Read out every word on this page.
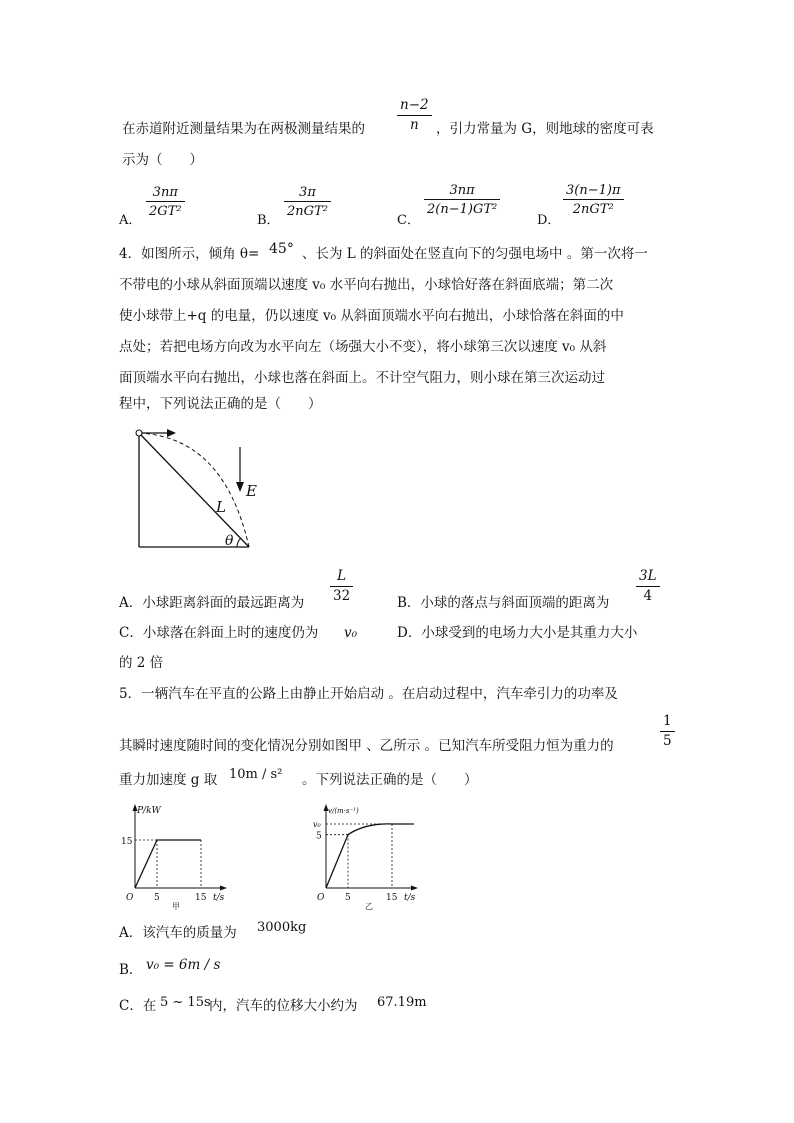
n−2
n
在赤道附近测量结果为在两极测量结果的	，引力常量为 G，则地球的密度可表
示为（　　）
A．
3nπ
2GT²
B．
3π
2nGT²
C．
3nπ
2(n−1)GT²
D．
3(n−1)π
2nGT²
4．如图所示，倾角 θ= 45° 、长为 L 的斜面处在竖直向下的匀强电场中 。第一次将一
不带电的小球从斜面顶端以速度 v₀ 水平向右抛出，小球恰好落在斜面底端；第二次
使小球带上+q 的电量，仍以速度 v₀ 从斜面顶端水平向右抛出，小球恰落在斜面的中
点处；若把电场方向改为水平向左（场强大小不变），将小球第三次以速度 v₀ 从斜
面顶端水平向右抛出，小球也落在斜面上。不计空气阻力，则小球在第三次运动过
程中，下列说法正确的是（　　）
E
L
θ
A．小球距离斜面的最远距离为
L
32	B．小球的落点与斜面顶端的距离为
3L
4
C．小球落在斜面上时的速度仍为 v₀	D．小球受到的电场力大小是其重力大小
的 2 倍
5．一辆汽车在平直的公路上由静止开始启动 。在启动过程中，汽车牵引力的功率及
其瞬时速度随时间的变化情况分别如图甲 、乙所示 。已知汽车所受阻力恒为重力的
1
5
重力加速度 g 取 10m / s² 。下列说法正确的是（　　）
P/kW
15
O 5	15 t/s
甲
v/(m·s⁻¹)
v₀
5
O 5	15 t/s
乙
A．该汽车的质量为 3000kg
B． v₀ = 6m / s
C．在 5 ~ 15s
内，汽车的位移大小约为 67.19m
